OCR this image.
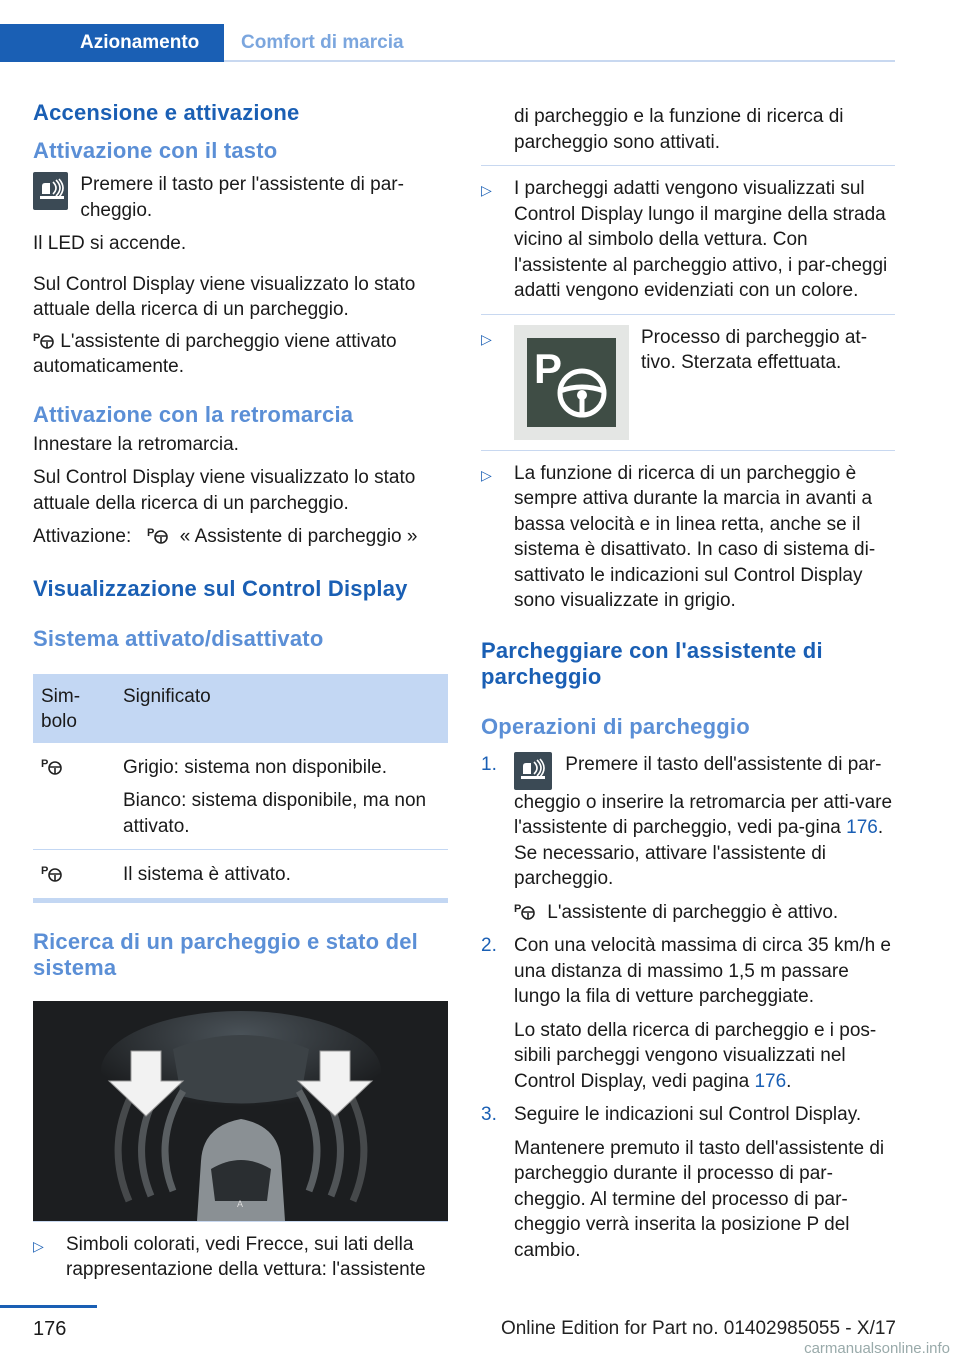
Azionamento	Comfort di marcia
Accensione e attivazione
Attivazione con il tasto
Premere il tasto per l'assistente di par-cheggio.

Il LED si accende.

Sul Control Display viene visualizzato lo stato attuale della ricerca di un parcheggio.

P L'assistente di parcheggio viene attivato automaticamente.

Attivazione con la retromarcia

Innestare la retromarcia.

Sul Control Display viene visualizzato lo stato attuale della ricerca di un parcheggio.

Attivazione: P « Assistente di parcheggio »

Visualizzazione sul Control Display
Sistema attivato/disattivato
Sim-bolo	Significato

P	Grigio: sistema non disponibile.

Bianco: sistema disponibile, ma non attivato.

P	Il sistema è attivato.
Ricerca di un parcheggio e stato del sistema
A
▷	Simboli colorati, vedi Frecce, sui lati della rappresentazione della vettura: l'assistente
di parcheggio e la funzione di ricerca di parcheggio sono attivati.
▷	I parcheggi adatti vengono visualizzati sul Control Display lungo il margine della strada vicino al simbolo della vettura. Con l'assistente al parcheggio attivo, i par-cheggi adatti vengono evidenziati con un colore.
▷
P
Processo di parcheggio at-tivo. Sterzata effettuata.
▷	La funzione di ricerca di un parcheggio è sempre attiva durante la marcia in avanti a bassa velocità e in linea retta, anche se il sistema è disattivato. In caso di sistema di-sattivato le indicazioni sul Control Display sono visualizzate in grigio.
Parcheggiare con l'assistente di parcheggio
Operazioni di parcheggio
1.	Premere il tasto dell'assistente di par-cheggio o inserire la retromarcia per atti-vare l'assistente di parcheggio, vedi pa-gina 176. Se necessario, attivare l'assistente di parcheggio.

P L'assistente di parcheggio è attivo.

2. Con una velocità massima di circa 35 km/h e una distanza di massimo 1,5 m passare lungo la fila di vetture parcheggiate.

Lo stato della ricerca di parcheggio e i pos-sibili parcheggi vengono visualizzati nel Control Display, vedi pagina 176.

3. Seguire le indicazioni sul Control Display.

Mantenere premuto il tasto dell'assistente di parcheggio durante il processo di par-cheggio. Al termine del processo di par-cheggio verrà inserita la posizione P del cambio.

176	Online Edition for Part no. 01402985055 - X/17
carmanualsonline.info
